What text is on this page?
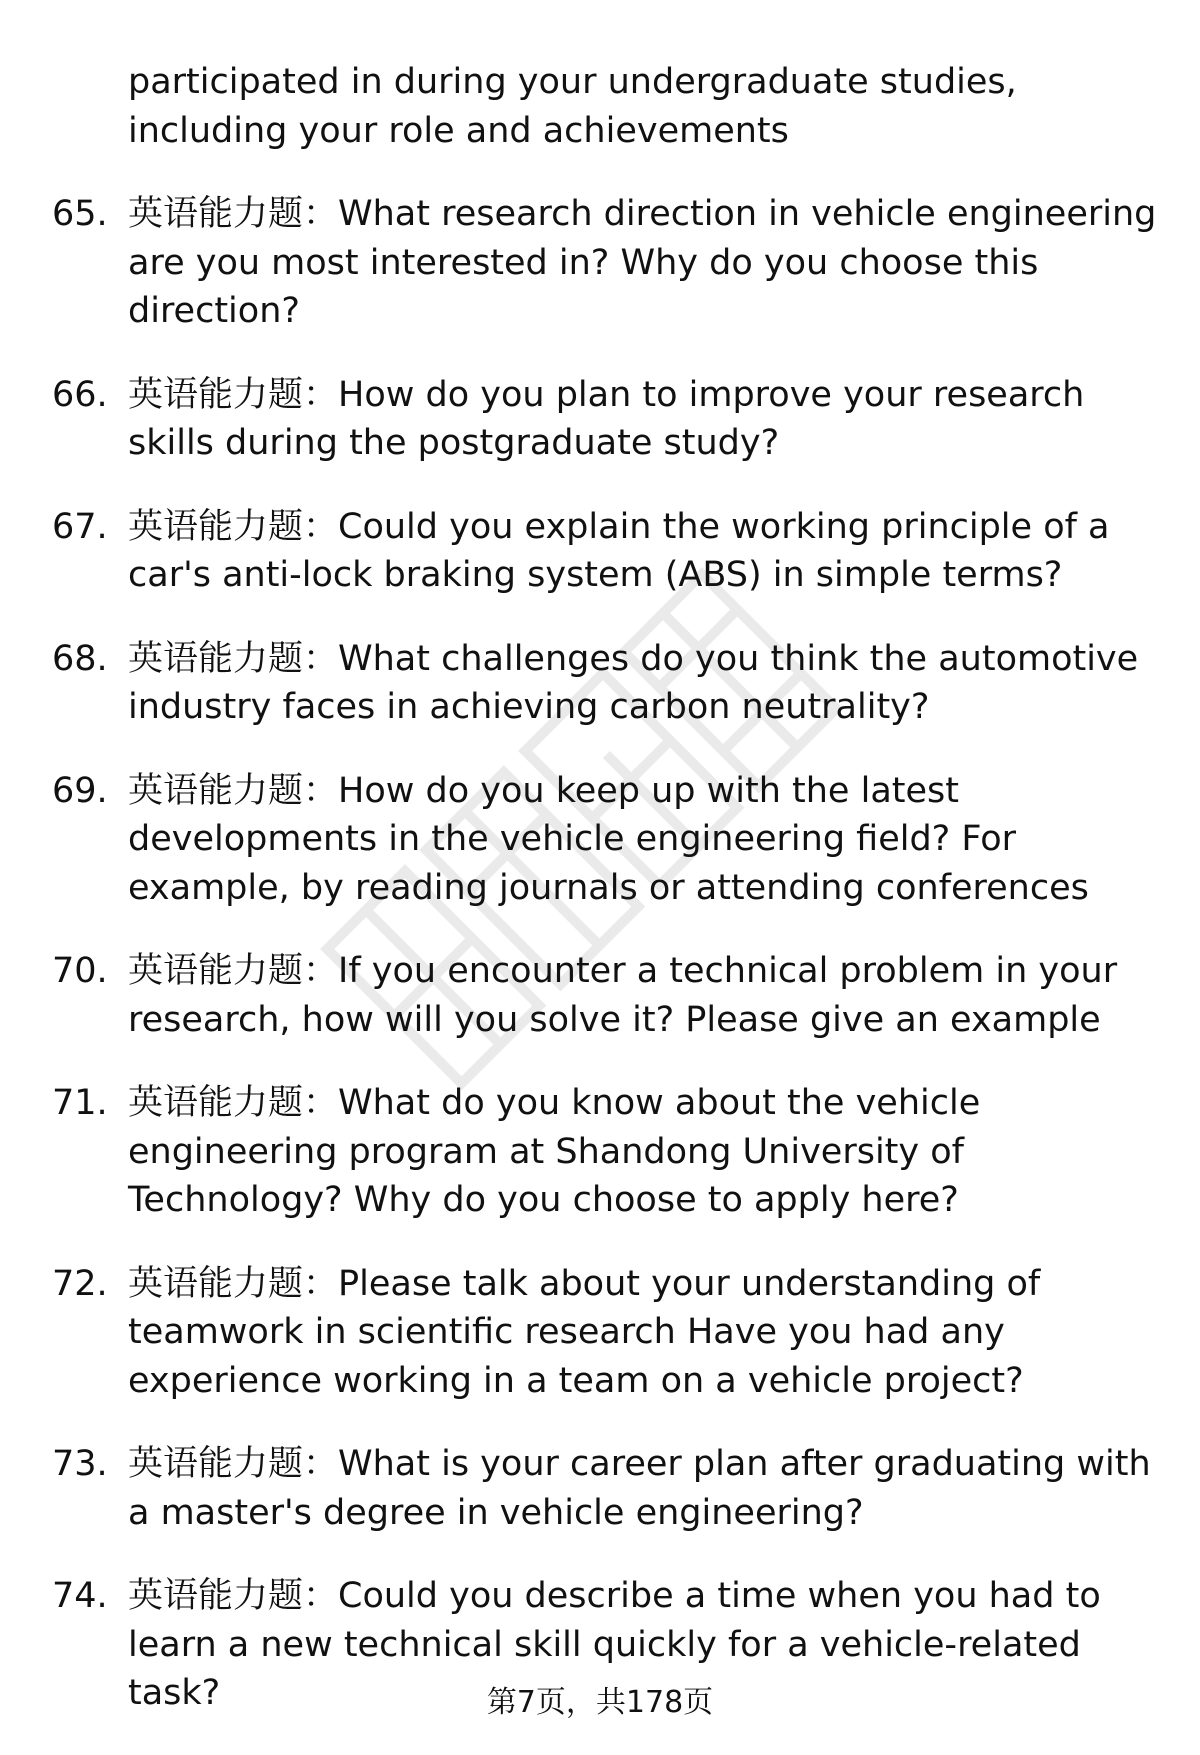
participated in during your undergraduate studies, including your role and achievements
65. 英语能力题：What research direction in vehicle engineering are you most interested in? Why do you choose this direction?
66. 英语能力题：How do you plan to improve your research skills during the postgraduate study?
67. 英语能力题：Could you explain the working principle of a car's anti-lock braking system (ABS) in simple terms?
68. 英语能力题：What challenges do you think the automotive industry faces in achieving carbon neutrality?
69. 英语能力题：How do you keep up with the latest developments in the vehicle engineering field? For example, by reading journals or attending conferences
70. 英语能力题：If you encounter a technical problem in your research, how will you solve it? Please give an example
71. 英语能力题：What do you know about the vehicle engineering program at Shandong University of Technology? Why do you choose to apply here?
72. 英语能力题：Please talk about your understanding of teamwork in scientific research Have you had any experience working in a team on a vehicle project?
73. 英语能力题：What is your career plan after graduating with a master's degree in vehicle engineering?
74. 英语能力题：Could you describe a time when you had to learn a new technical skill quickly for a vehicle-related task?	第7页，共178页
